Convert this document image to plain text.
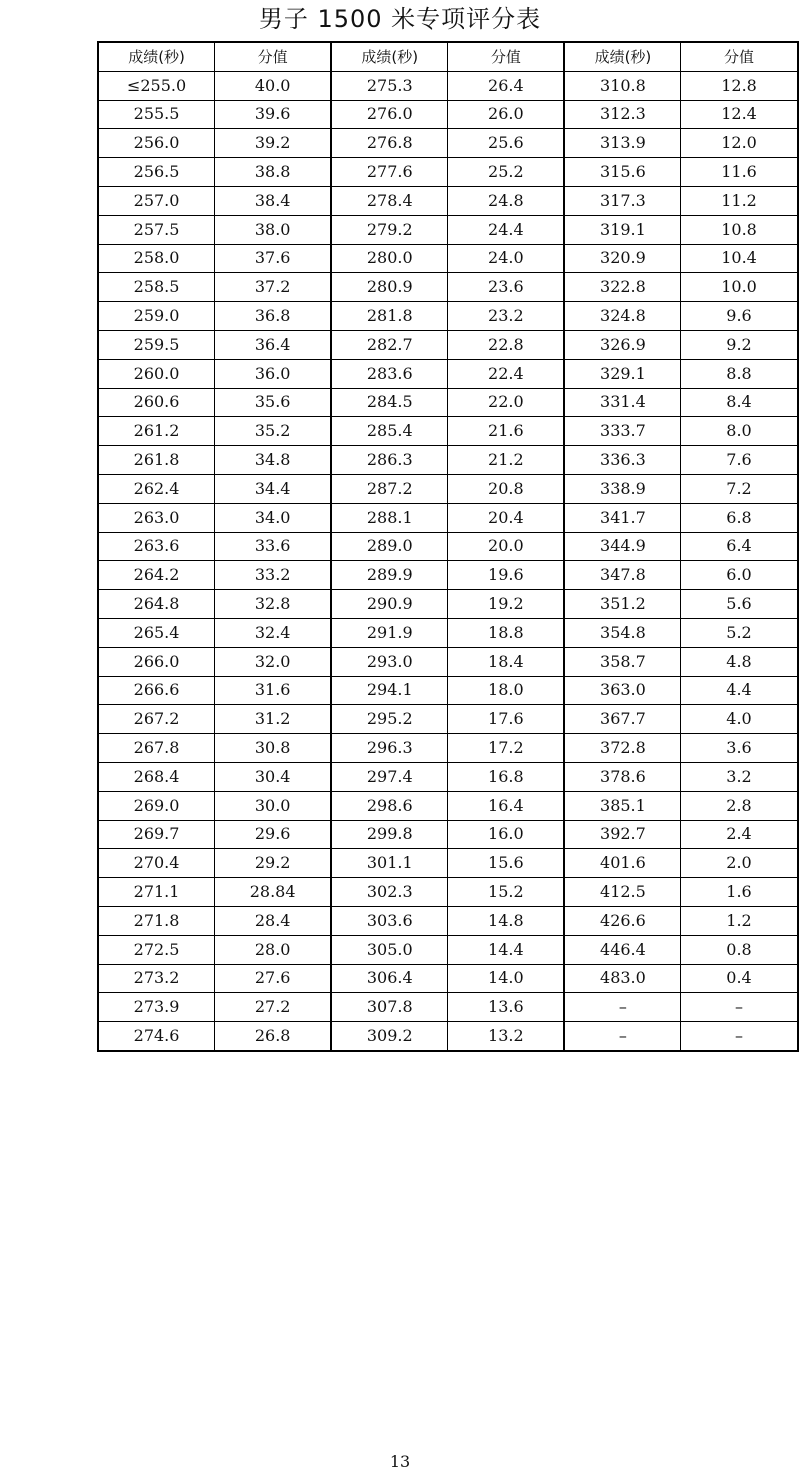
男子 1500 米专项评分表
成绩(秒)	分值	成绩(秒)	分值	成绩(秒)	分值
≤255.0	40.0	275.3	26.4	310.8	12.8
255.5	39.6	276.0	26.0	312.3	12.4
256.0	39.2	276.8	25.6	313.9	12.0
256.5	38.8	277.6	25.2	315.6	11.6
257.0	38.4	278.4	24.8	317.3	11.2
257.5	38.0	279.2	24.4	319.1	10.8
258.0	37.6	280.0	24.0	320.9	10.4
258.5	37.2	280.9	23.6	322.8	10.0
259.0	36.8	281.8	23.2	324.8	9.6
259.5	36.4	282.7	22.8	326.9	9.2
260.0	36.0	283.6	22.4	329.1	8.8
260.6	35.6	284.5	22.0	331.4	8.4
261.2	35.2	285.4	21.6	333.7	8.0
261.8	34.8	286.3	21.2	336.3	7.6
262.4	34.4	287.2	20.8	338.9	7.2
263.0	34.0	288.1	20.4	341.7	6.8
263.6	33.6	289.0	20.0	344.9	6.4
264.2	33.2	289.9	19.6	347.8	6.0
264.8	32.8	290.9	19.2	351.2	5.6
265.4	32.4	291.9	18.8	354.8	5.2
266.0	32.0	293.0	18.4	358.7	4.8
266.6	31.6	294.1	18.0	363.0	4.4
267.2	31.2	295.2	17.6	367.7	4.0
267.8	30.8	296.3	17.2	372.8	3.6
268.4	30.4	297.4	16.8	378.6	3.2
269.0	30.0	298.6	16.4	385.1	2.8
269.7	29.6	299.8	16.0	392.7	2.4
270.4	29.2	301.1	15.6	401.6	2.0
271.1	28.84	302.3	15.2	412.5	1.6
271.8	28.4	303.6	14.8	426.6	1.2
272.5	28.0	305.0	14.4	446.4	0.8
273.2	27.6	306.4	14.0	483.0	0.4
273.9	27.2	307.8	13.6	–	–
274.6	26.8	309.2	13.2	–	–
13
